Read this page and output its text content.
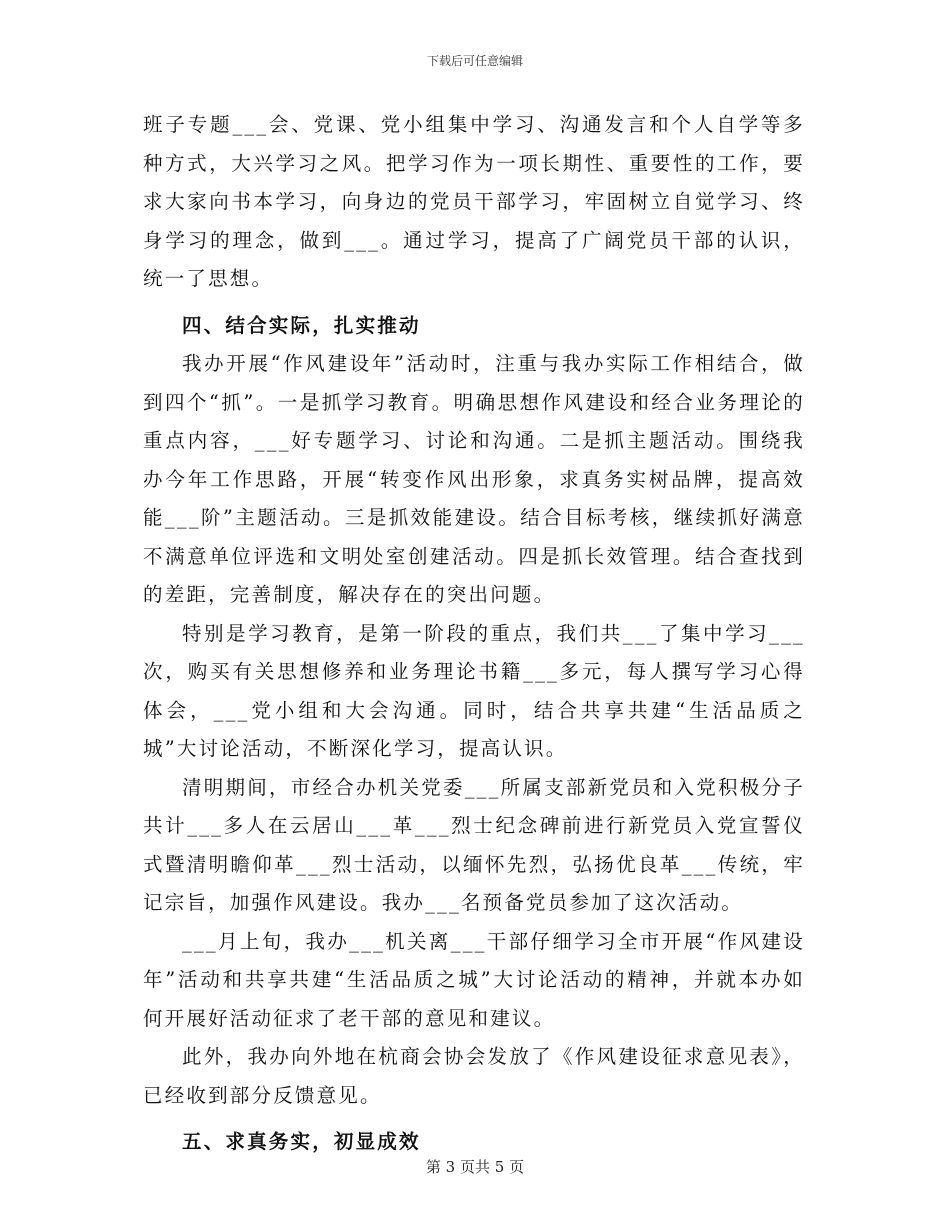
下载后可任意编辑

班子专题___会、党课、党小组集中学习、沟通发言和个人自学等多种方式，大兴学习之风。把学习作为一项长期性、重要性的工作，要求大家向书本学习，向身边的党员干部学习，牢固树立自觉学习、终身学习的理念，做到___。通过学习，提高了广阔党员干部的认识，统一了思想。

四、结合实际，扎实推动

我办开展“作风建设年”活动时，注重与我办实际工作相结合，做到四个“抓”。一是抓学习教育。明确思想作风建设和经合业务理论的重点内容，___好专题学习、讨论和沟通。二是抓主题活动。围绕我办今年工作思路，开展“转变作风出形象，求真务实树品牌，提高效能___阶”主题活动。三是抓效能建设。结合目标考核，继续抓好满意不满意单位评选和文明处室创建活动。四是抓长效管理。结合查找到的差距，完善制度，解决存在的突出问题。

特别是学习教育，是第一阶段的重点，我们共___了集中学习___次，购买有关思想修养和业务理论书籍___多元，每人撰写学习心得体会，___党小组和大会沟通。同时，结合共享共建“生活品质之城”大讨论活动，不断深化学习，提高认识。

清明期间，市经合办机关党委___所属支部新党员和入党积极分子共计___多人在云居山___革___烈士纪念碑前进行新党员入党宣誓仪式暨清明瞻仰革___烈士活动，以缅怀先烈，弘扬优良革___传统，牢记宗旨，加强作风建设。我办___名预备党员参加了这次活动。

___月上旬，我办___机关离___干部仔细学习全市开展“作风建设年”活动和共享共建“生活品质之城”大讨论活动的精神，并就本办如何开展好活动征求了老干部的意见和建议。

此外，我办向外地在杭商会协会发放了《作风建设征求意见表》，已经收到部分反馈意见。

五、求真务实，初显成效

第 3 页共 5 页
